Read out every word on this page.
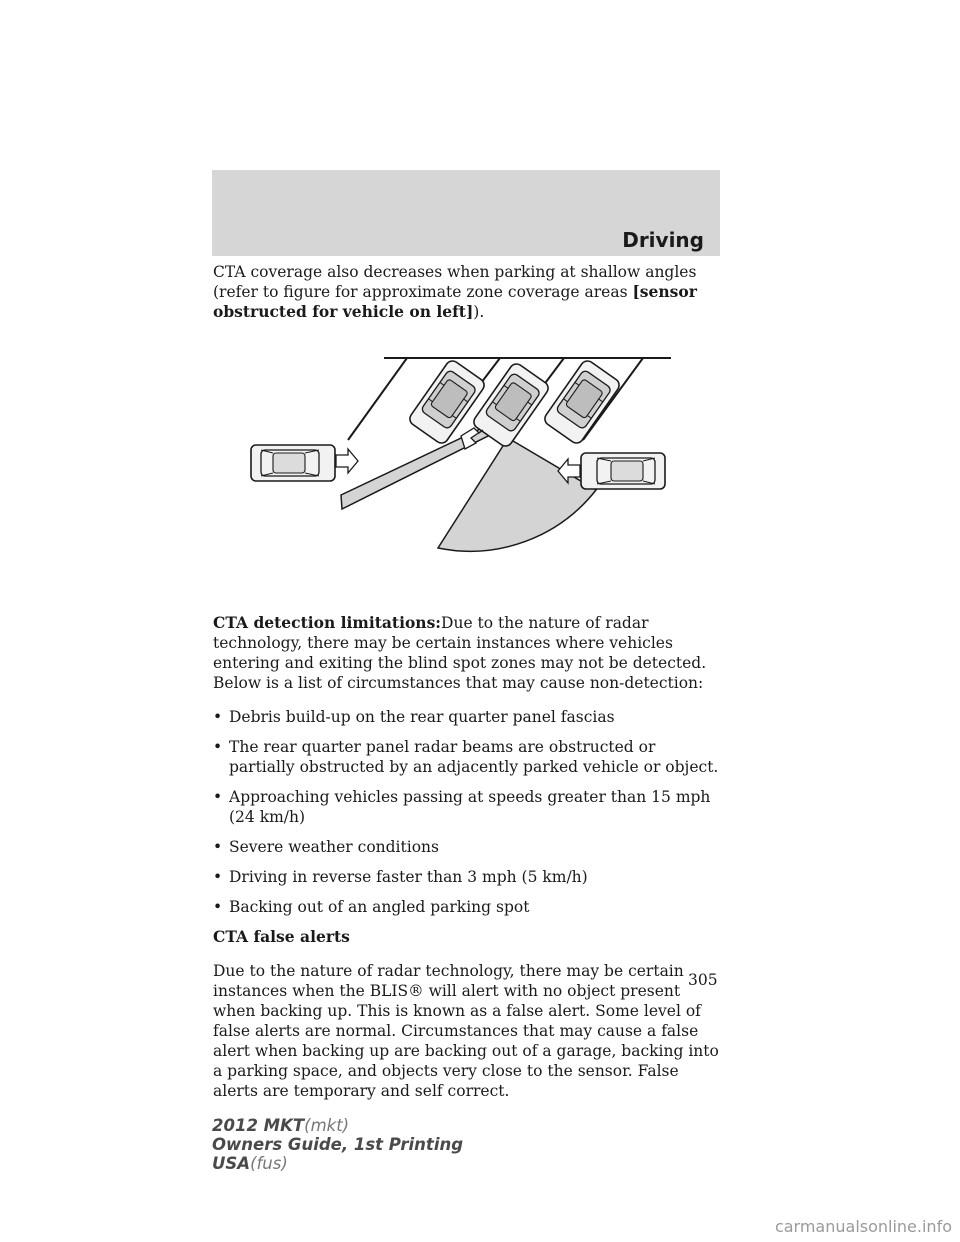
Driving

CTA coverage also decreases when parking at shallow angles (refer to figure for approximate zone coverage areas [sensor obstructed for vehicle on left]).

CTA detection limitations:Due to the nature of radar technology, there may be certain instances where vehicles entering and exiting the blind spot zones may not be detected. Below is a list of circumstances that may cause non-detection:

• Debris build-up on the rear quarter panel fascias
• The rear quarter panel radar beams are obstructed or partially obstructed by an adjacently parked vehicle or object.
• Approaching vehicles passing at speeds greater than 15 mph (24 km/h)
• Severe weather conditions
• Driving in reverse faster than 3 mph (5 km/h)
• Backing out of an angled parking spot

CTA false alerts

Due to the nature of radar technology, there may be certain instances when the BLIS® will alert with no object present when backing up. This is known as a false alert. Some level of false alerts are normal. Circumstances that may cause a false alert when backing up are backing out of a garage, backing into a parking space, and objects very close to the sensor. False alerts are temporary and self correct.

305
2012 MKT(mkt)
Owners Guide, 1st Printing
USA(fus)
carmanualsonline.info
